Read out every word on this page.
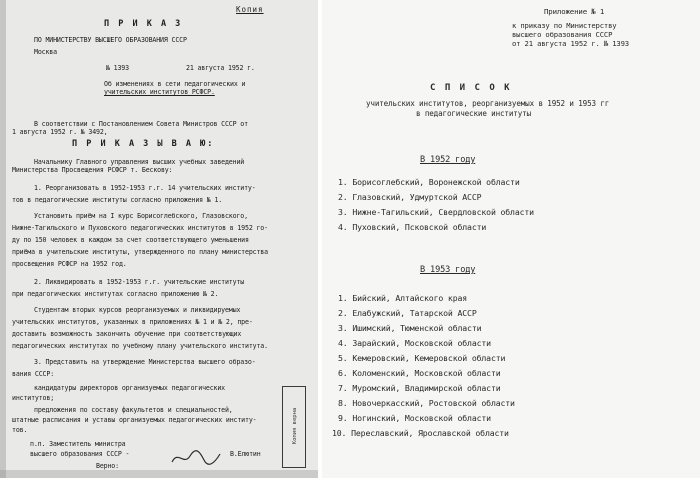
Копия
П Р И К А З
ПО МИНИСТЕРСТВУ ВЫСШЕГО ОБРАЗОВАНИЯ СССР
Москва
№ 1393	21 августа 1952 г.
Об изменениях в сети педагогических и
учительских институтов РСФСР.
В соответствии с Постановлением Совета Министров СССР от
1 августа 1952 г. № 3492,
П Р И К А З Ы В А Ю:
Начальнику Главного управления высших учебных заведений
Министерства Просвещения РСФСР т. Бескову:
1. Реорганизовать в 1952-1953 г.г. 14 учительских институ-
тов в педагогические институты согласно приложения № 1.
Установить приём на I курс Борисоглебского, Глазовского,
Нижне-Тагильского и Пуховского педагогических институтов в 1952 го-
ду по 150 человек в каждом за счет соответствующего уменьшения
приёма в учительские институты, утвержденного по плану министерства
просвещения РСФСР на 1952 год.
2. Ликвидировать в 1952-1953 г.г. учительские институты
при педагогических институтах согласно приложению № 2.
Студентам вторых курсов реорганизуемых и ликвидируемых
учительских институтов, указанных в приложениях № 1 и № 2, пре-
доставить возможность закончить обучение при соответствующих
педагогических институтах по учебному плану учительского института.
3. Представить на утверждение Министерства высшего образо-
вания СССР:
кандидатуры директоров организуемых педагогических
институтов;
предложения по составу факультетов и специальностей,
штатные расписания и уставы организуемых педагогических институ-
тов.
п.п. Заместитель министра
высшего образования СССР -	В.Елютин
Верно:
Копия верна
Приложение № 1
к приказу по Министерству
высшего образования СССР
от 21 августа 1952 г. № 1393
С П И С О К
учительских институтов, реорганизуемых в 1952 и 1953 гг
в педагогические институты
В 1952 году
1. Борисоглебский, Воронежской области
2. Глазовский, Удмуртской АССР
3. Нижне-Тагильский, Свердловской области
4. Пуховский, Псковской области
В 1953 году
1. Бийский, Алтайского края
2. Елабужский, Татарской АССР
3. Ишимский, Тюменской области
4. Зарайский, Московской области
5. Кемеровский, Кемеровской области
6. Коломенский, Московской области
7. Муромский, Владимирской области
8. Новочеркасский, Ростовской области
9. Ногинский, Московской области
10. Переславский, Ярославской области
